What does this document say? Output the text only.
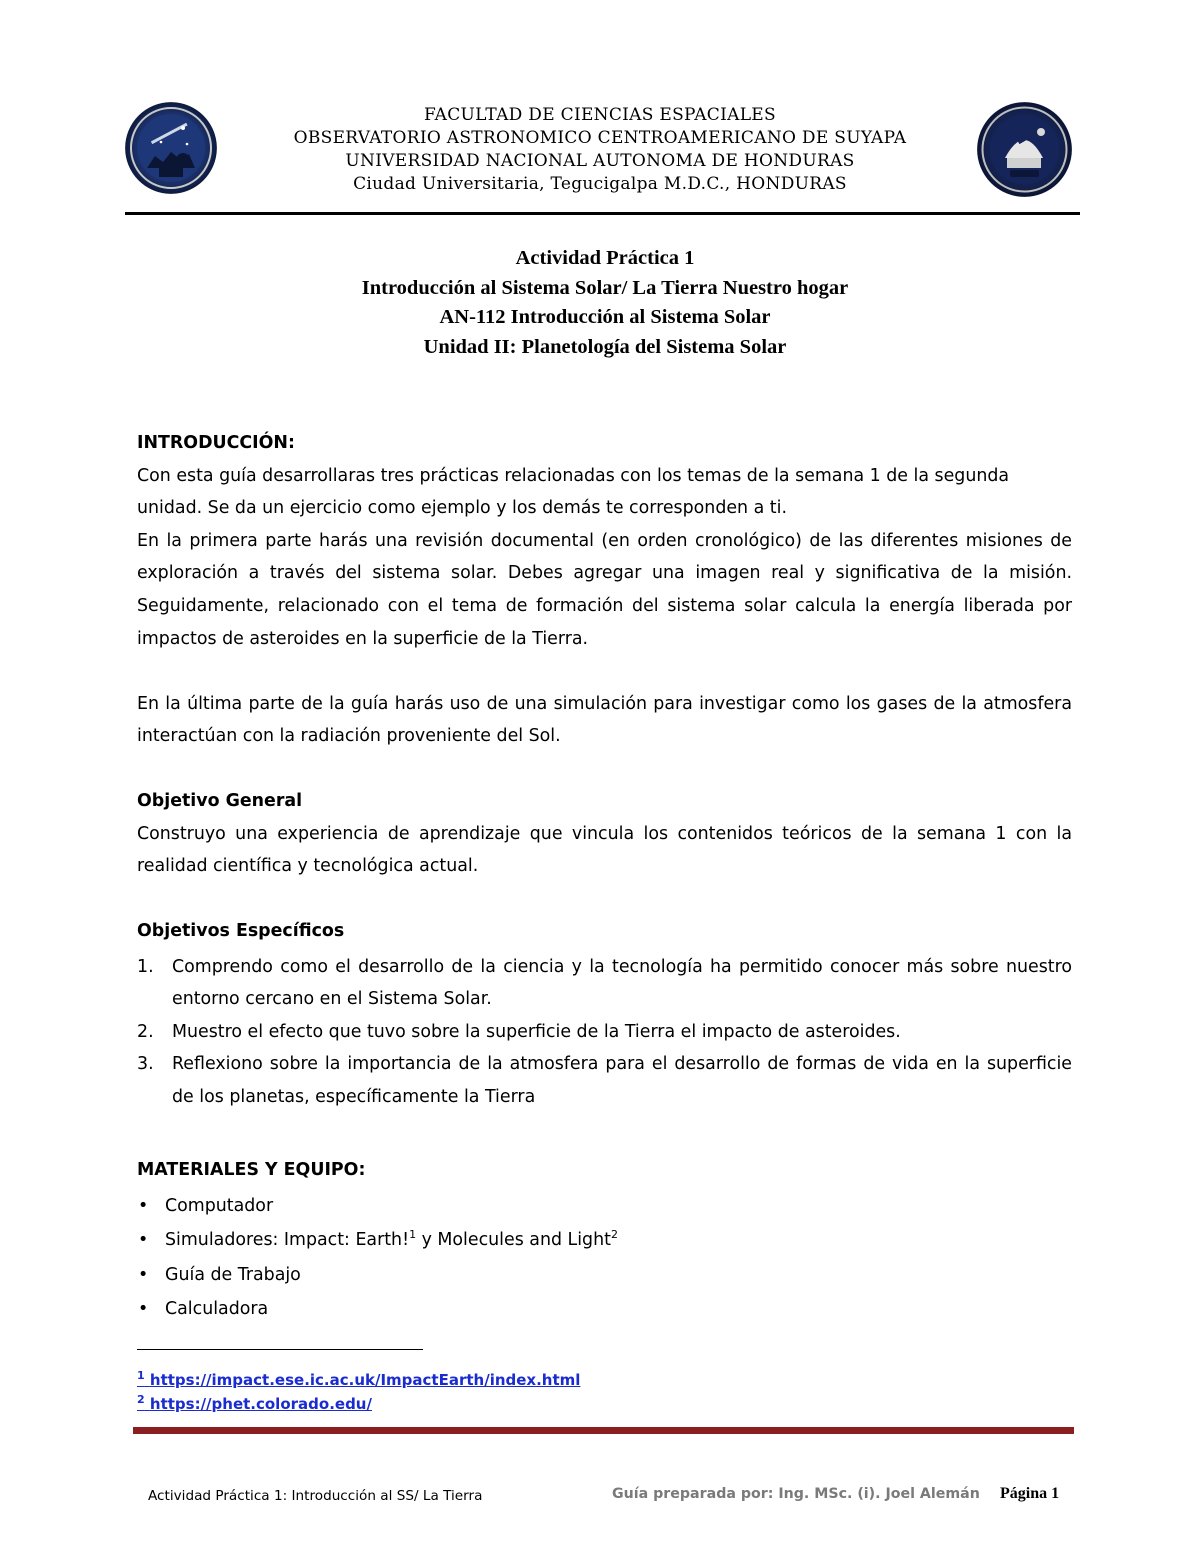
FACULTAD DE CIENCIAS ESPACIALES
OBSERVATORIO ASTRONOMICO CENTROAMERICANO DE SUYAPA
UNIVERSIDAD NACIONAL AUTONOMA DE HONDURAS
Ciudad Universitaria, Tegucigalpa M.D.C., HONDURAS
Actividad Práctica 1
Introducción al Sistema Solar/ La Tierra Nuestro hogar
AN-112 Introducción al Sistema Solar
Unidad II: Planetología del Sistema Solar
INTRODUCCIÓN:
Con esta guía desarrollaras tres prácticas relacionadas con los temas de la semana 1 de la segunda
unidad. Se da un ejercicio como ejemplo y los demás te corresponden a ti.
En la primera parte harás una revisión documental (en orden cronológico) de las diferentes misiones de exploración a través del sistema solar. Debes agregar una imagen real y significativa de la misión. Seguidamente, relacionado con el tema de formación del sistema solar calcula la energía liberada por impactos de asteroides en la superficie de la Tierra.
En la última parte de la guía harás uso de una simulación para investigar como los gases de la atmosfera interactúan con la radiación proveniente del Sol.
Objetivo General
Construyo una experiencia de aprendizaje que vincula los contenidos teóricos de la semana 1 con la realidad científica y tecnológica actual.
Objetivos Específicos
1. Comprendo como el desarrollo de la ciencia y la tecnología ha permitido conocer más sobre nuestro entorno cercano en el Sistema Solar.
2. Muestro el efecto que tuvo sobre la superficie de la Tierra el impacto de asteroides.
3. Reflexiono sobre la importancia de la atmosfera para el desarrollo de formas de vida en la superficie de los planetas, específicamente la Tierra
MATERIALES Y EQUIPO:
• Computador
• Simuladores: Impact: Earth!$^1$ y Molecules and Light$^2$
• Guía de Trabajo
• Calculadora
$^1$ https://impact.ese.ic.ac.uk/ImpactEarth/index.html
$^2$ https://phet.colorado.edu/
Actividad Práctica 1: Introducción al SS/ La Tierra	Guía preparada por: Ing. MSc. (i). Joel Alemán Página 1
